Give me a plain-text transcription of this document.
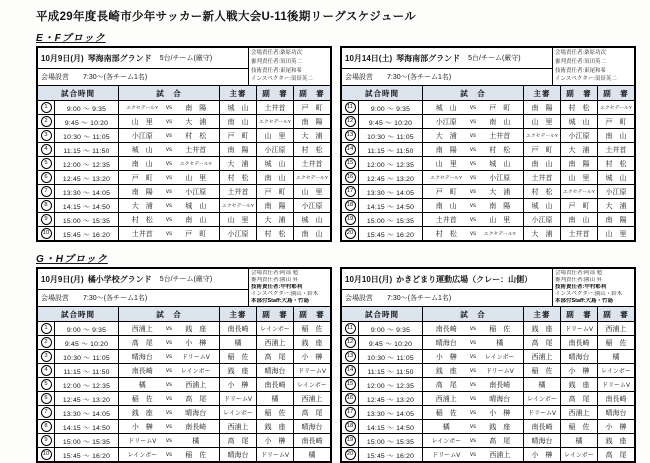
平成29年度長崎市少年サッカー新人戦大会U-11後期リーグスケジュール
E・Fブロック
10月9日(月) 琴海南部グランド 5台/チーム(厳守)
会場設営 7:30～(各チーム1名)
会場責任者:桑原功次
審判責任者:須田英二
技術責任者:東尾和希
インスペクター:須田英二
試合時間	試　合	主審	副　審	副　審
1	9:00 ～ 9:35	エクセデールY	vs	南　陽	城　山	土井首	戸　町
2	9:45 ～ 10:20	山　里	vs	大　浦	南　山	エクセデールY	南　陽
3	10:30 ～ 11:05	小江原	vs	村　松	戸　町	山　里	大　浦
4	11:15 ～ 11:50	城　山	vs	土井首	南　陽	小江原	村　松
5	12:00 ～ 12:35	南　山	vs	エクセデールY	大　浦	城　山	土井首
6	12:45 ～ 13:20	戸　町	vs	山　里	村　松	南　山	エクセデールY
7	13:30 ～ 14:05	南　陽	vs	小江原	土井首	戸　町	山　里
8	14:15 ～ 14:50	大　浦	vs	城　山	エクセデールY	南　陽	小江原
9	15:00 ～ 15:35	村　松	vs	南　山	山　里	大　浦	城　山
10	15:45 ～ 16:20	土井首	vs	戸　町	小江原	村　松	南　山
10月14日(土) 琴海南部グランド 5台/チーム(厳守)
会場設営 7:30～(各チーム1名)
会場責任者:桑原功次
審判責任者:須田英二
技術責任者:東尾和希
インスペクター:須田英二
試合時間	試　合	主審	副　審	副　審
11	9:00 ～ 9:35	城　山	vs	戸　町	南　陽	村　松	エクセデールY
12	9:45 ～ 10:20	小江原	vs	南　山	山　里	城　山	戸　町
13	10:30 ～ 11:05	大　浦	vs	土井首	エクセデールY	小江原	南　山
14	11:15 ～ 11:50	南　陽	vs	村　松	戸　町	大　浦	土井首
15	12:00 ～ 12:35	山　里	vs	城　山	南　山	南　陽	村　松
16	12:45 ～ 13:20	エクセデールY	vs	小江原	土井首	山　里	城　山
17	13:30 ～ 14:05	戸　町	vs	大　浦	村　松	エクセデールY	小江原
18	14:15 ～ 14:50	南　山	vs	南　陽	城　山	戸　町	大　浦
19	15:00 ～ 15:35	土井首	vs	山　里	小江原	南　山	南　陽
20	15:45 ～ 16:20	村　松	vs	エクセデールY	大　浦	土井首	山　里
G・Hブロック
10月9日(月) 橘小学校グランド 5台/チーム(厳守)
会場設営 7:30～(各チーム1名)
会場責任者:阿部 勉
審判責任者:園山 昇
技術責任者:中村彰利
インスペクター:園山・鈴木
本部付Staff:大島・竹島
試合時間	試　合	主審	副　審	副　審
1	9:00 ～ 9:35	西浦上	vs	銭　座	南長崎	レインボー	稲　佐
2	9:45 ～ 10:20	高　尾	vs	小　榊	橘	西浦上	銭　座
3	10:30 ～ 11:05	晴海台	vs	ドリームV	稲　佐	高　尾	小　榊
4	11:15 ～ 11:50	南長崎	vs	レインボー	銭　座	晴海台	ドリームV
5	12:00 ～ 12:35	橘	vs	西浦上	小　榊	南長崎	レインボー
6	12:45 ～ 13:20	稲　佐	vs	高　尾	ドリームV	橘	西浦上
7	13:30 ～ 14:05	銭　座	vs	晴海台	レインボー	稲　佐	高　尾
8	14:15 ～ 14:50	小　榊	vs	南長崎	西浦上	銭　座	晴海台
9	15:00 ～ 15:35	ドリームV	vs	橘	高　尾	小　榊	南長崎
10	15:45 ～ 16:20	レインボー	vs	稲　佐	晴海台	ドリームV	橘
10月10日(月) かきどまり運動広場（クレー：山側）
会場設営 7:30～(各チーム1名)
会場責任者:阿部 勉
審判責任者:園山 昇
技術責任者:中村彰利
インスペクター:園山・鈴木
本部付Staff:大島・竹島
試合時間	試　合	主審	副　審	副　審
11	9:00 ～ 9:35	南長崎	vs	稲　佐	銭　座	ドリームV	西浦上
12	9:45 ～ 10:20	晴海台	vs	橘	高　尾	南長崎	稲　佐
13	10:30 ～ 11:05	小　榊	vs	レインボー	西浦上	晴海台	橘
14	11:15 ～ 11:50	銭　座	vs	ドリームV	稲　佐	小　榊	レインボー
15	12:00 ～ 12:35	高　尾	vs	南長崎	橘	銭　座	ドリームV
16	12:45 ～ 13:20	西浦上	vs	晴海台	レインボー	高　尾	南長崎
17	13:30 ～ 14:05	稲　佐	vs	小　榊	ドリームV	西浦上	晴海台
18	14:15 ～ 14:50	橘	vs	銭　座	南長崎	稲　佐	小　榊
19	15:00 ～ 15:35	レインボー	vs	高　尾	晴海台	橘	銭　座
20	15:45 ～ 16:20	ドリームV	vs	西浦上	小　榊	レインボー	高　尾
